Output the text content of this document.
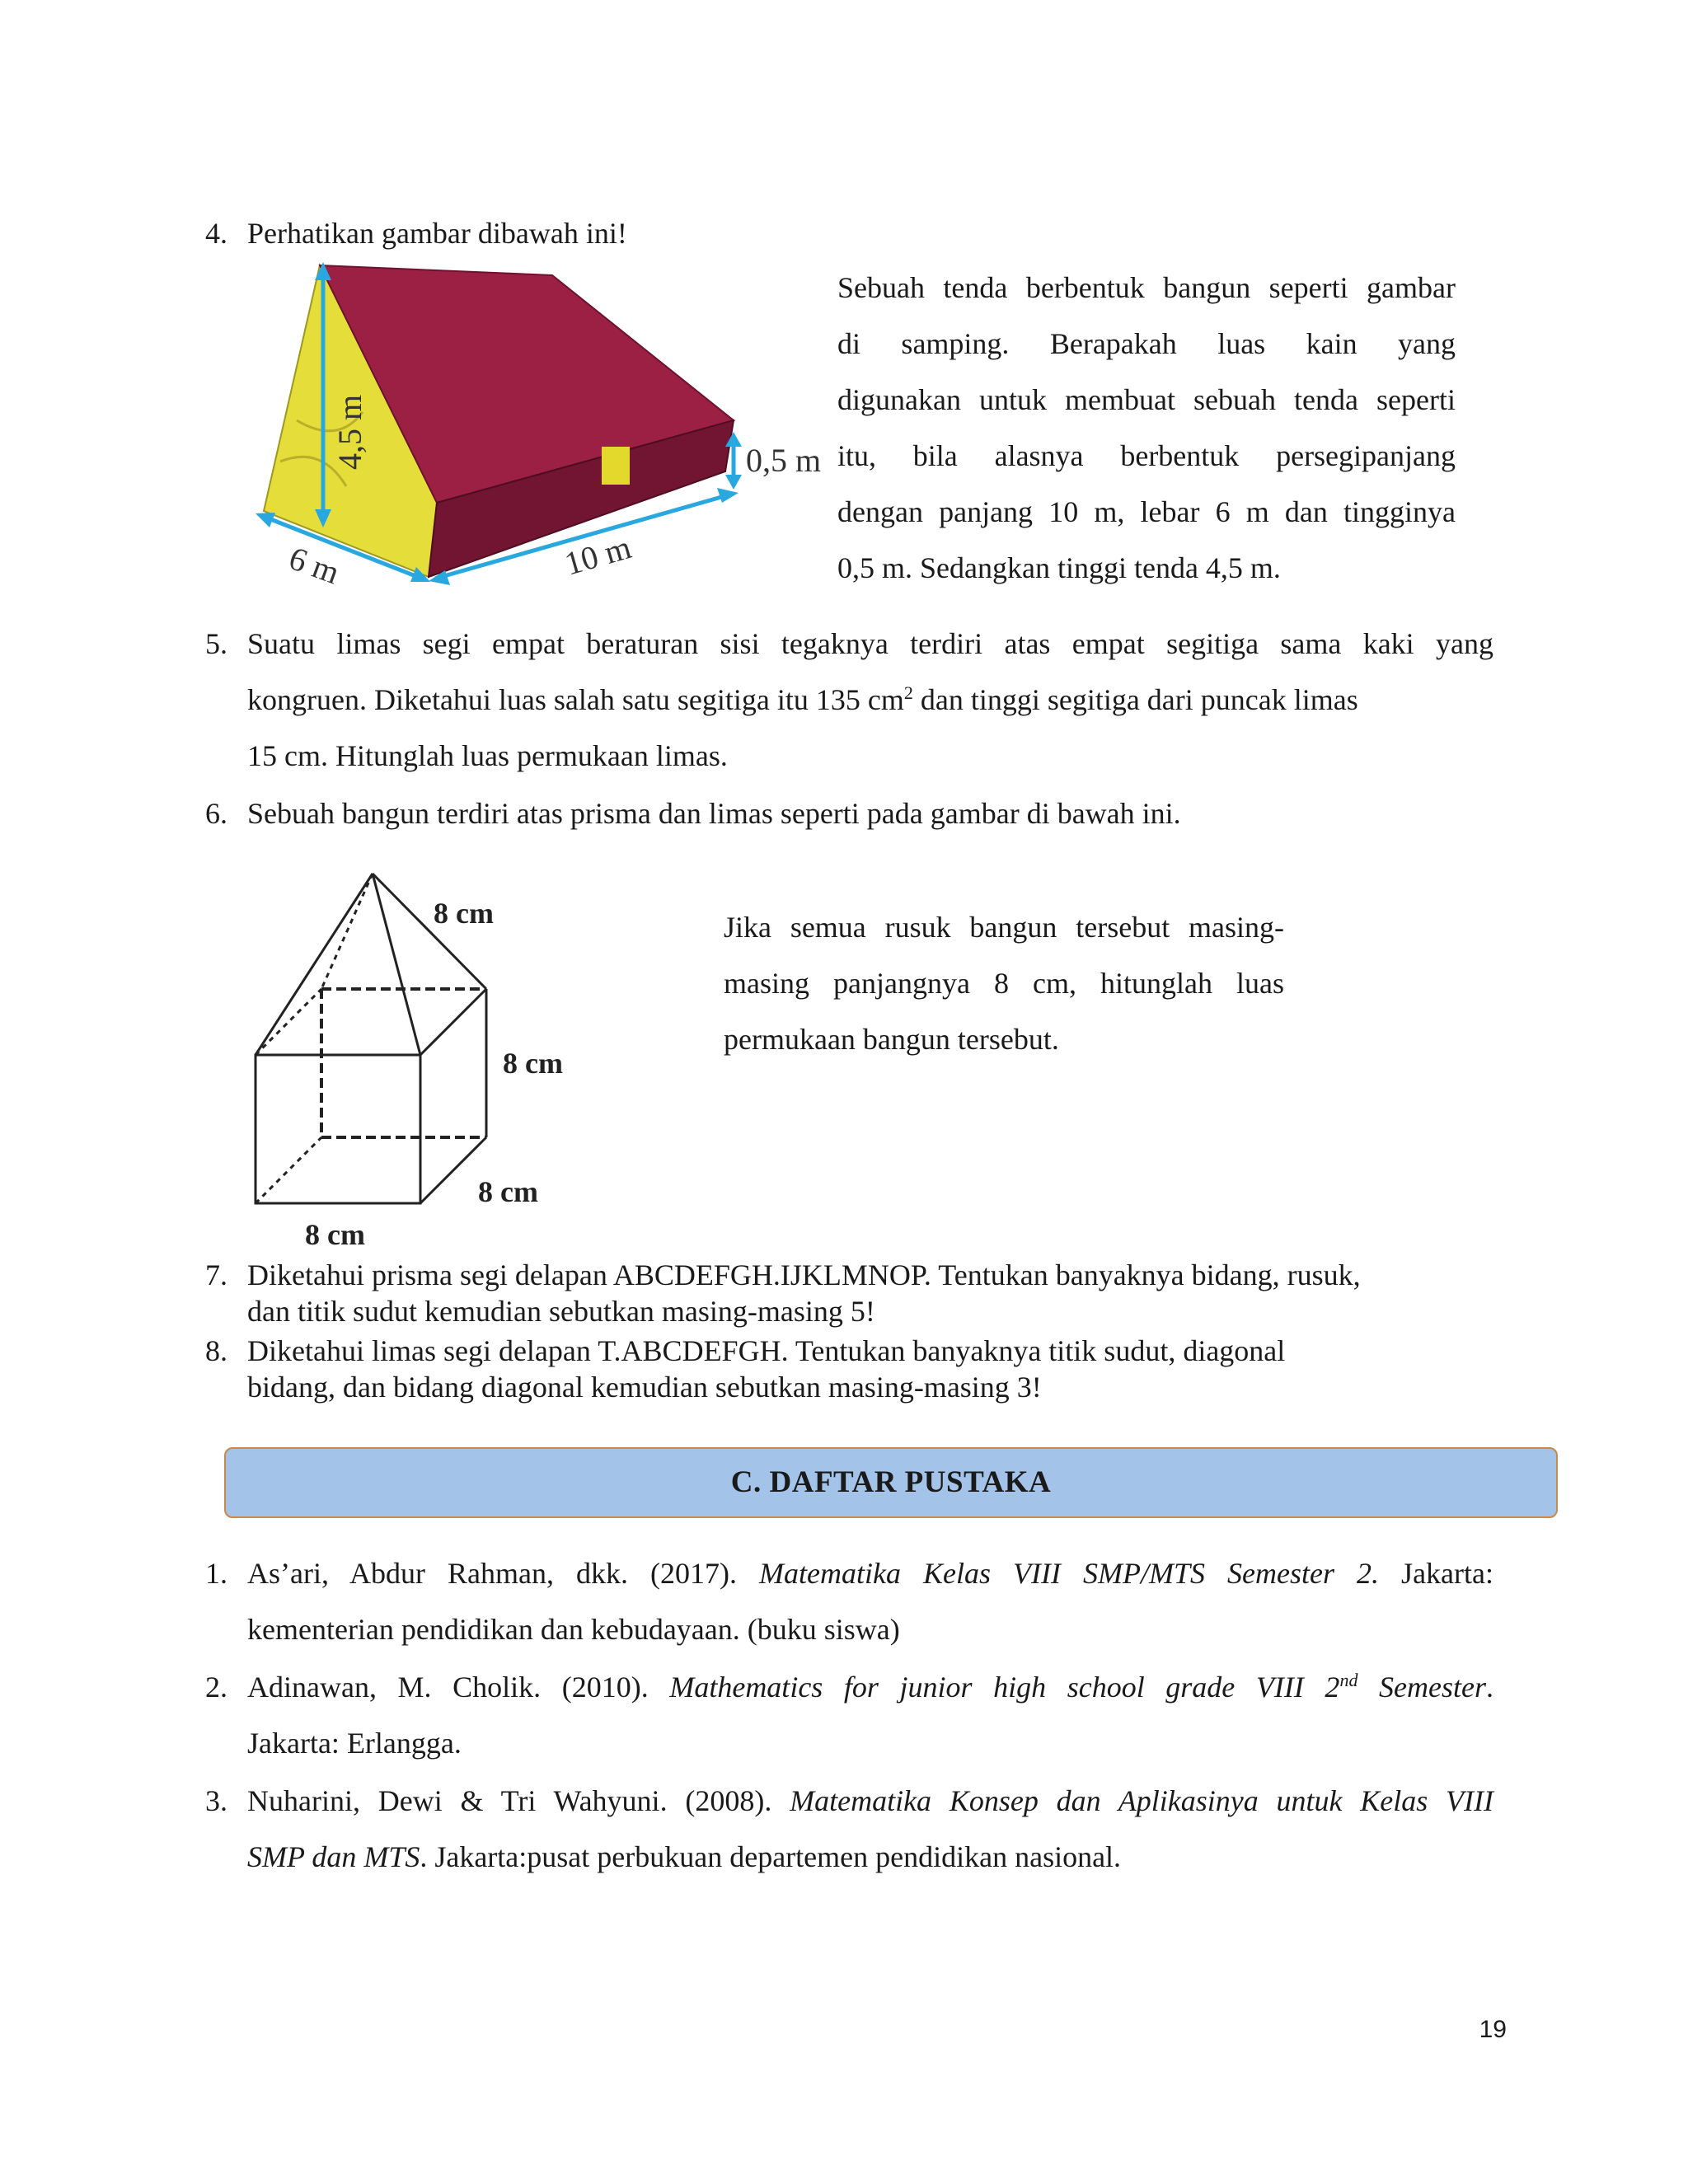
4. Perhatikan gambar dibawah ini!
4,5 m	0,5 m
6 m	10 m
Sebuah tenda berbentuk bangun seperti gambar
di samping. Berapakah luas kain yang
digunakan untuk membuat sebuah tenda seperti
itu, bila alasnya berbentuk persegipanjang
dengan panjang 10 m, lebar 6 m dan tingginya
0,5 m. Sedangkan tinggi tenda 4,5 m.
5. Suatu limas segi empat beraturan sisi tegaknya terdiri atas empat segitiga sama kaki yang
kongruen. Diketahui luas salah satu segitiga itu 135 $cm^2$ dan tinggi segitiga dari puncak limas
15 cm. Hitunglah luas permukaan limas.
6. Sebuah bangun terdiri atas prisma dan limas seperti pada gambar di bawah ini.
8 cm
8 cm
8 cm
8 cm
Jika semua rusuk bangun tersebut masing-
masing panjangnya 8 cm, hitunglah luas
permukaan bangun tersebut.
7. Diketahui prisma segi delapan ABCDEFGH.IJKLMNOP. Tentukan banyaknya bidang, rusuk,
dan titik sudut kemudian sebutkan masing-masing 5!
8. Diketahui limas segi delapan T.ABCDEFGH. Tentukan banyaknya titik sudut, diagonal
bidang, dan bidang diagonal kemudian sebutkan masing-masing 3!
C. DAFTAR PUSTAKA
1. As’ari, Abdur Rahman, dkk. (2017). Matematika Kelas VIII SMP/MTS Semester 2. Jakarta:
kementerian pendidikan dan kebudayaan. (buku siswa)
2. Adinawan, M. Cholik. (2010). Mathematics for junior high school grade VIII 2nd Semester.
Jakarta: Erlangga.
3. Nuharini, Dewi & Tri Wahyuni. (2008). Matematika Konsep dan Aplikasinya untuk Kelas VIII
SMP dan MTS. Jakarta:pusat perbukuan departemen pendidikan nasional.
19
